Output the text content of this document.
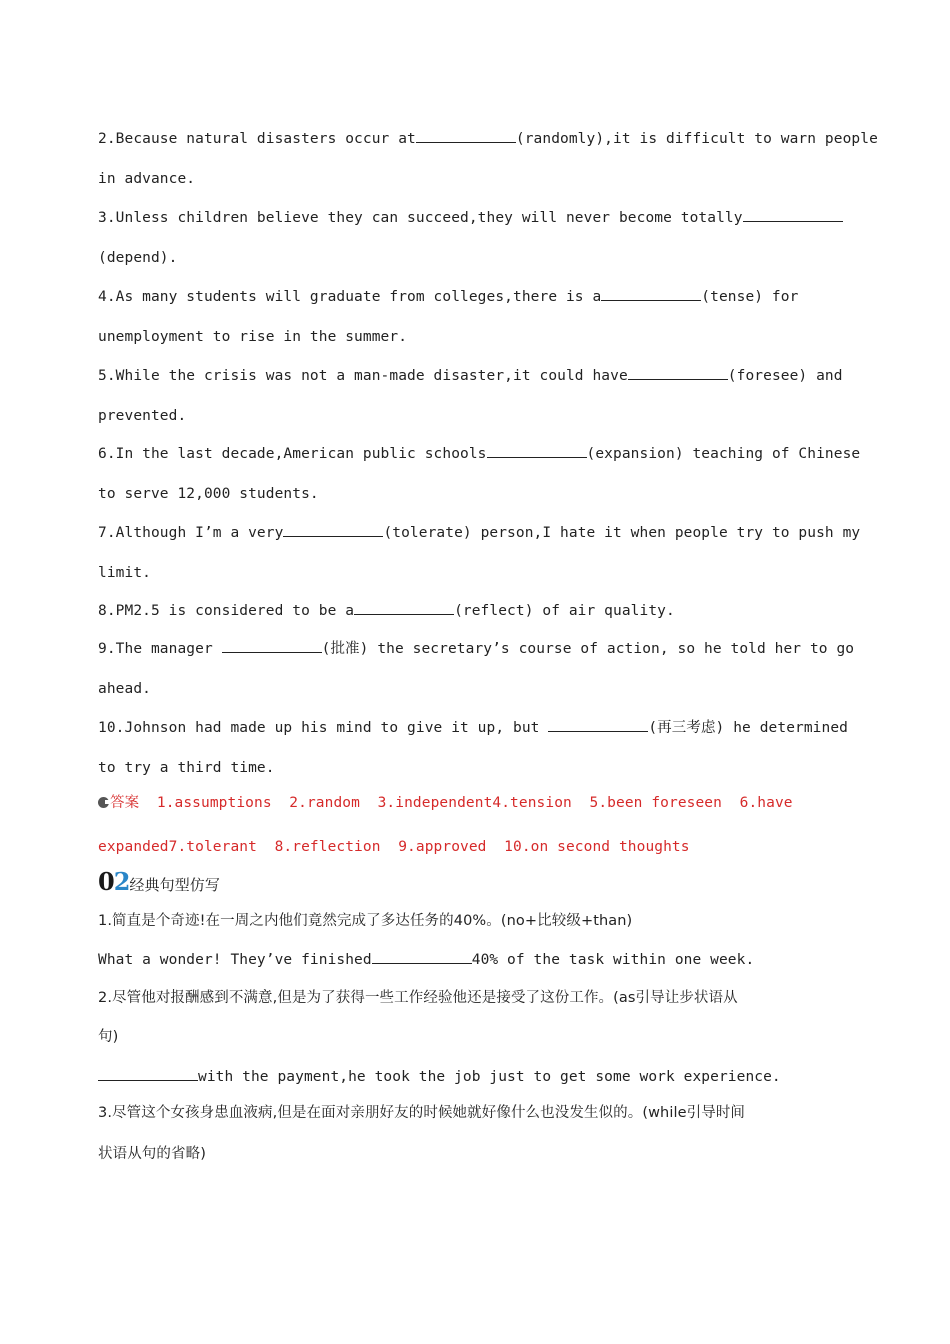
2.Because natural disasters occur at	(randomly),it is difficult to warn people
in advance.
3.Unless children believe they can succeed,they will never become totally
(depend).
4.As many students will graduate from colleges,there is a	(tense) for
unemployment to rise in the summer.
5.While the crisis was not a man-made disaster,it could have	(foresee) and
prevented.
6.In the last decade,American public schools	(expansion) teaching of Chinese
to serve 12,000 students.
7.Although I’m a very	(tolerate) person,I hate it when people try to push my
limit.
8.PM2.5 is considered to be a	(reflect) of air quality.
9.The manager	(批准) the secretary’s course of action, so he told her to go
ahead.
10.Johnson had made up his mind to give it up, but	(再三考虑) he determined
to try a third time.
答案  1.assumptions  2.random  3.independent4.tension  5.been foreseen  6.have
expanded7.tolerant  8.reflection  9.approved  10.on second thoughts
02经典句型仿写
1.简直是个奇迹!在一周之内他们竟然完成了多达任务的40%。(no+比较级+than)
What a wonder! They’ve finished	40% of the task within one week.
2.尽管他对报酬感到不满意,但是为了获得一些工作经验他还是接受了这份工作。(as引导让步状语从
句)
with the payment,he took the job just to get some work experience.
3.尽管这个女孩身患血液病,但是在面对亲朋好友的时候她就好像什么也没发生似的。(while引导时间
状语从句的省略)
